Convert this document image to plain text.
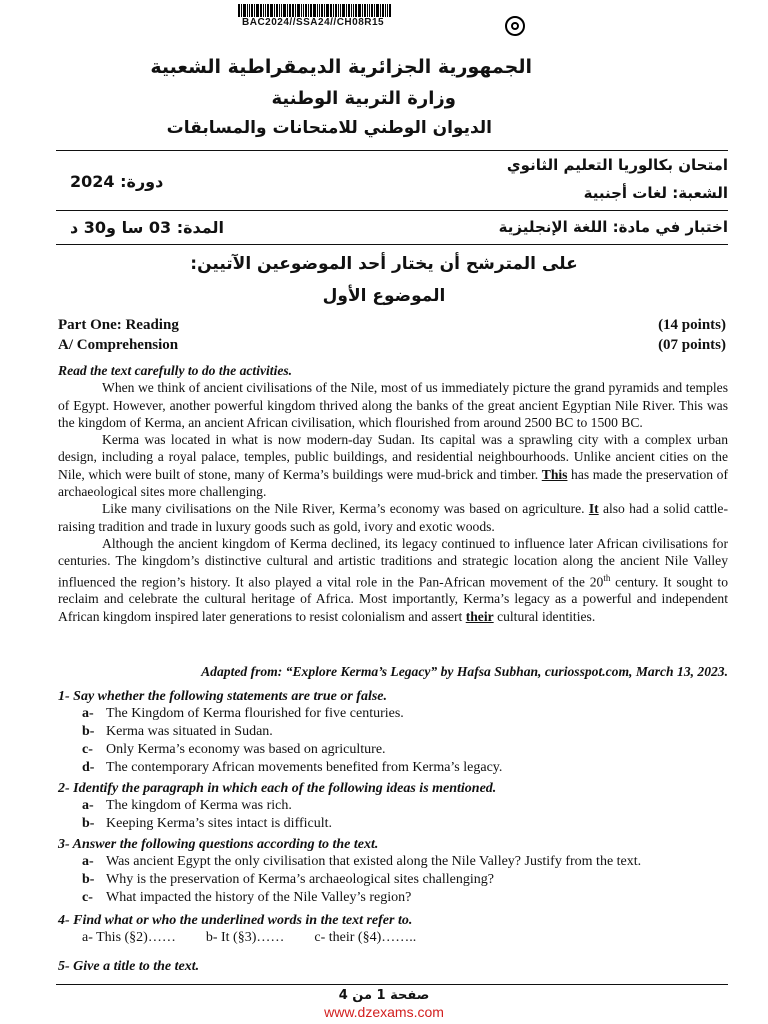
BAC2024//SSA24//CH08R15
الجمهورية الجزائرية الديمقراطية الشعبية
وزارة التربية الوطنية
الديوان الوطني للامتحانات والمسابقات
امتحان بكالوريا التعليم الثانوي
دورة: 2024
الشعبة: لغات أجنبية
اختبار في مادة: اللغة الإنجليزية
المدة: 03 سا و30 د
على المترشح أن يختار أحد الموضوعين الآتيين:
الموضوع الأول
Part One: Reading	(14 points)
A/ Comprehension	(07 points)

Read the text carefully to do the activities.

When we think of ancient civilisations of the Nile, most of us immediately picture the grand pyramids and temples of Egypt. However, another powerful kingdom thrived along the banks of the great ancient Egyptian Nile River. This was the kingdom of Kerma, an ancient African civilisation, which flourished from around 2500 BC to 1500 BC.

Kerma was located in what is now modern-day Sudan. Its capital was a sprawling city with a complex urban design, including a royal palace, temples, public buildings, and residential neighbourhoods. Unlike ancient cities on the Nile, which were built of stone, many of Kerma’s buildings were mud-brick and timber. This has made the preservation of archaeological sites more challenging.

Like many civilisations on the Nile River, Kerma’s economy was based on agriculture. It also had a solid cattle-raising tradition and trade in luxury goods such as gold, ivory and exotic woods.

Although the ancient kingdom of Kerma declined, its legacy continued to influence later African civilisations for centuries. The kingdom’s distinctive cultural and artistic traditions and strategic location along the ancient Nile Valley influenced the region’s history. It also played a vital role in the Pan-African movement of the 20th century. It sought to reclaim and celebrate the cultural heritage of Africa. Most importantly, Kerma’s legacy as a powerful and independent African kingdom inspired later generations to resist colonialism and assert their cultural identities.

Adapted from: “Explore Kerma’s Legacy” by Hafsa Subhan, curiosspot.com, March 13, 2023.

1- Say whether the following statements are true or false.

a- The Kingdom of Kerma flourished for five centuries.

b- Kerma was situated in Sudan.

c- Only Kerma’s economy was based on agriculture.

d- The contemporary African movements benefited from Kerma’s legacy.

2- Identify the paragraph in which each of the following ideas is mentioned.

a- The kingdom of Kerma was rich.

b- Keeping Kerma’s sites intact is difficult.

3- Answer the following questions according to the text.

a- Was ancient Egypt the only civilisation that existed along the Nile Valley? Justify from the text.

b- Why is the preservation of Kerma’s archaeological sites challenging?

c- What impacted the history of the Nile Valley’s region?

4- Find what or who the underlined words in the text refer to.

a- This (§2)…… b- It (§3)…… c- their (§4)……..

5- Give a title to the text.

صفحة 1 من 4
www.dzexams.com
